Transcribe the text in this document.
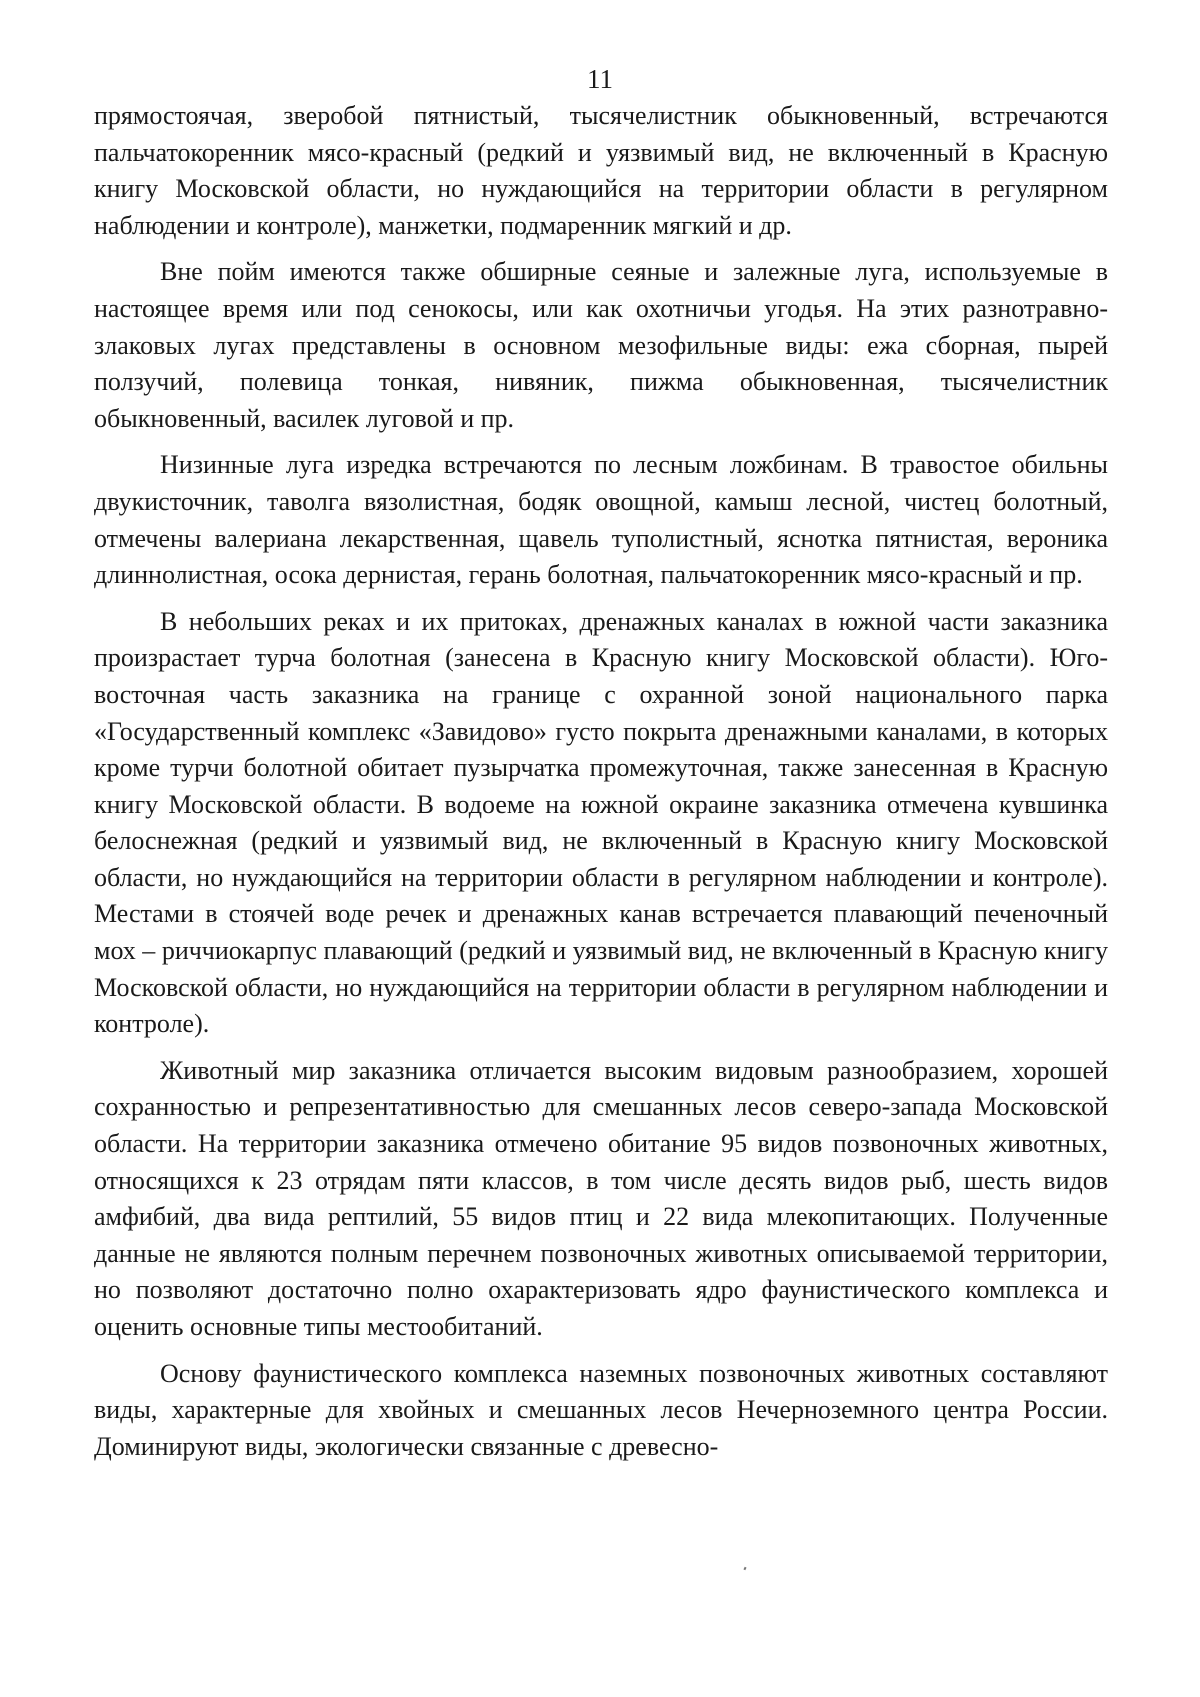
11

прямостоячая, зверобой пятнистый, тысячелистник обыкновенный, встречаются пальчатокоренник мясо-красный (редкий и уязвимый вид, не включенный в Красную книгу Московской области, но нуждающийся на территории области в регулярном наблюдении и контроле), манжетки, подмаренник мягкий и др.

Вне пойм имеются также обширные сеяные и залежные луга, используемые в настоящее время или под сенокосы, или как охотничьи угодья. На этих разнотравно-злаковых лугах представлены в основном мезофильные виды: ежа сборная, пырей ползучий, полевица тонкая, нивяник, пижма обыкновенная, тысячелистник обыкновенный, василек луговой и пр.

Низинные луга изредка встречаются по лесным ложбинам. В травостое обильны двукисточник, таволга вязолистная, бодяк овощной, камыш лесной, чистец болотный, отмечены валериана лекарственная, щавель туполистный, яснотка пятнистая, вероника длиннолистная, осока дернистая, герань болотная, пальчатокоренник мясо-красный и пр.

В небольших реках и их притоках, дренажных каналах в южной части заказника произрастает турча болотная (занесена в Красную книгу Московской области). Юго-восточная часть заказника на границе с охранной зоной национального парка «Государственный комплекс «Завидово» густо покрыта дренажными каналами, в которых кроме турчи болотной обитает пузырчатка промежуточная, также занесенная в Красную книгу Московской области. В водоеме на южной окраине заказника отмечена кувшинка белоснежная (редкий и уязвимый вид, не включенный в Красную книгу Московской области, но нуждающийся на территории области в регулярном наблюдении и контроле). Местами в стоячей воде речек и дренажных канав встречается плавающий печеночный мох – риччиокарпус плавающий (редкий и уязвимый вид, не включенный в Красную книгу Московской области, но нуждающийся на территории области в регулярном наблюдении и контроле).

Животный мир заказника отличается высоким видовым разнообразием, хорошей сохранностью и репрезентативностью для смешанных лесов северо-запада Московской области. На территории заказника отмечено обитание 95 видов позвоночных животных, относящихся к 23 отрядам пяти классов, в том числе десять видов рыб, шесть видов амфибий, два вида рептилий, 55 видов птиц и 22 вида млекопитающих. Полученные данные не являются полным перечнем позвоночных животных описываемой территории, но позволяют достаточно полно охарактеризовать ядро фаунистического комплекса и оценить основные типы местообитаний.

Основу фаунистического комплекса наземных позвоночных животных составляют виды, характерные для хвойных и смешанных лесов Нечерноземного центра России. Доминируют виды, экологически связанные с древесно-
